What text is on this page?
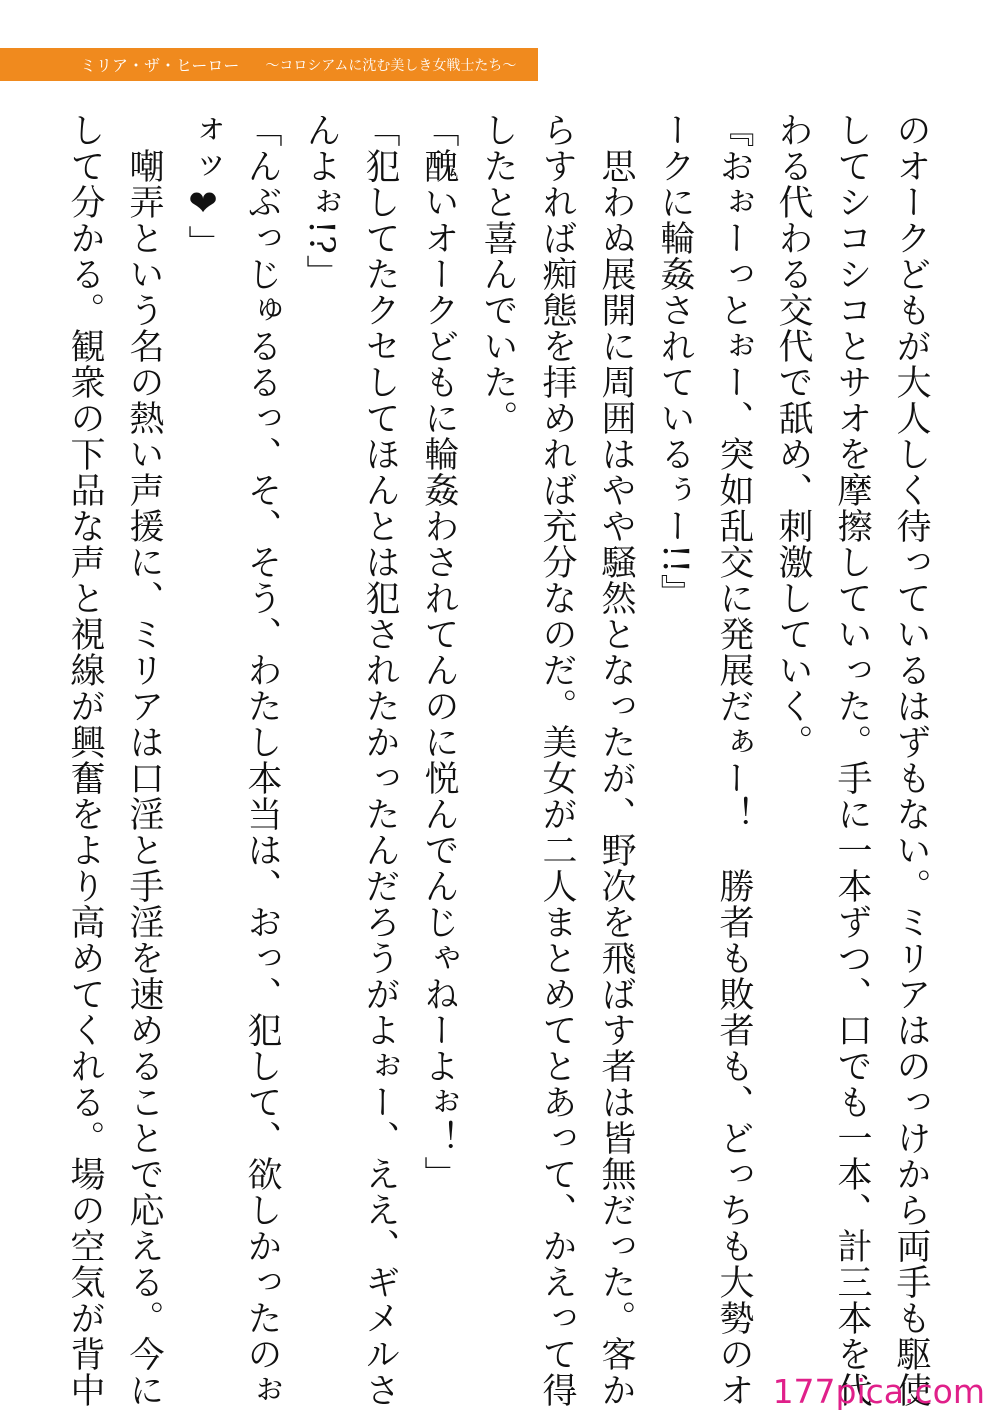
ミリア・ザ・ヒーロー 〜コロシアムに沈む美しき女戦士たち〜

のオークどもが大人しく待っているはずもない。ミリアはのっけから両手も駆使

してシコシコとサオを摩擦していった。手に一本ずつ、口でも一本、計三本を代

わる代わる交代で舐め、刺激していく。

『おぉーっとぉー、突如乱交に発展だぁー！　勝者も敗者も、どっちも大勢のオ

ークに輪姦されているぅー!!』

　思わぬ展開に周囲はやや騒然となったが、野次を飛ばす者は皆無だった。客か

らすれば痴態を拝めれば充分なのだ。美女が二人まとめてとあって、かえって得

したと喜んでいた。

「醜いオークどもに輪姦わされてんのに悦んでんじゃねーよぉ！」

「犯してたクセしてほんとは犯されたかったんだろうがよぉー、ええ、ギメルさ

んよぉ!?」

「んぶっじゅるるっ、そ、そう、わたし本当は、おっ、犯して、欲しかったのぉ

ォッ❤」

　嘲弄という名の熱い声援に、ミリアは口淫と手淫を速めることで応える。今に

して分かる。観衆の下品な声と視線が興奮をより高めてくれる。場の空気が背中	177pica.com
